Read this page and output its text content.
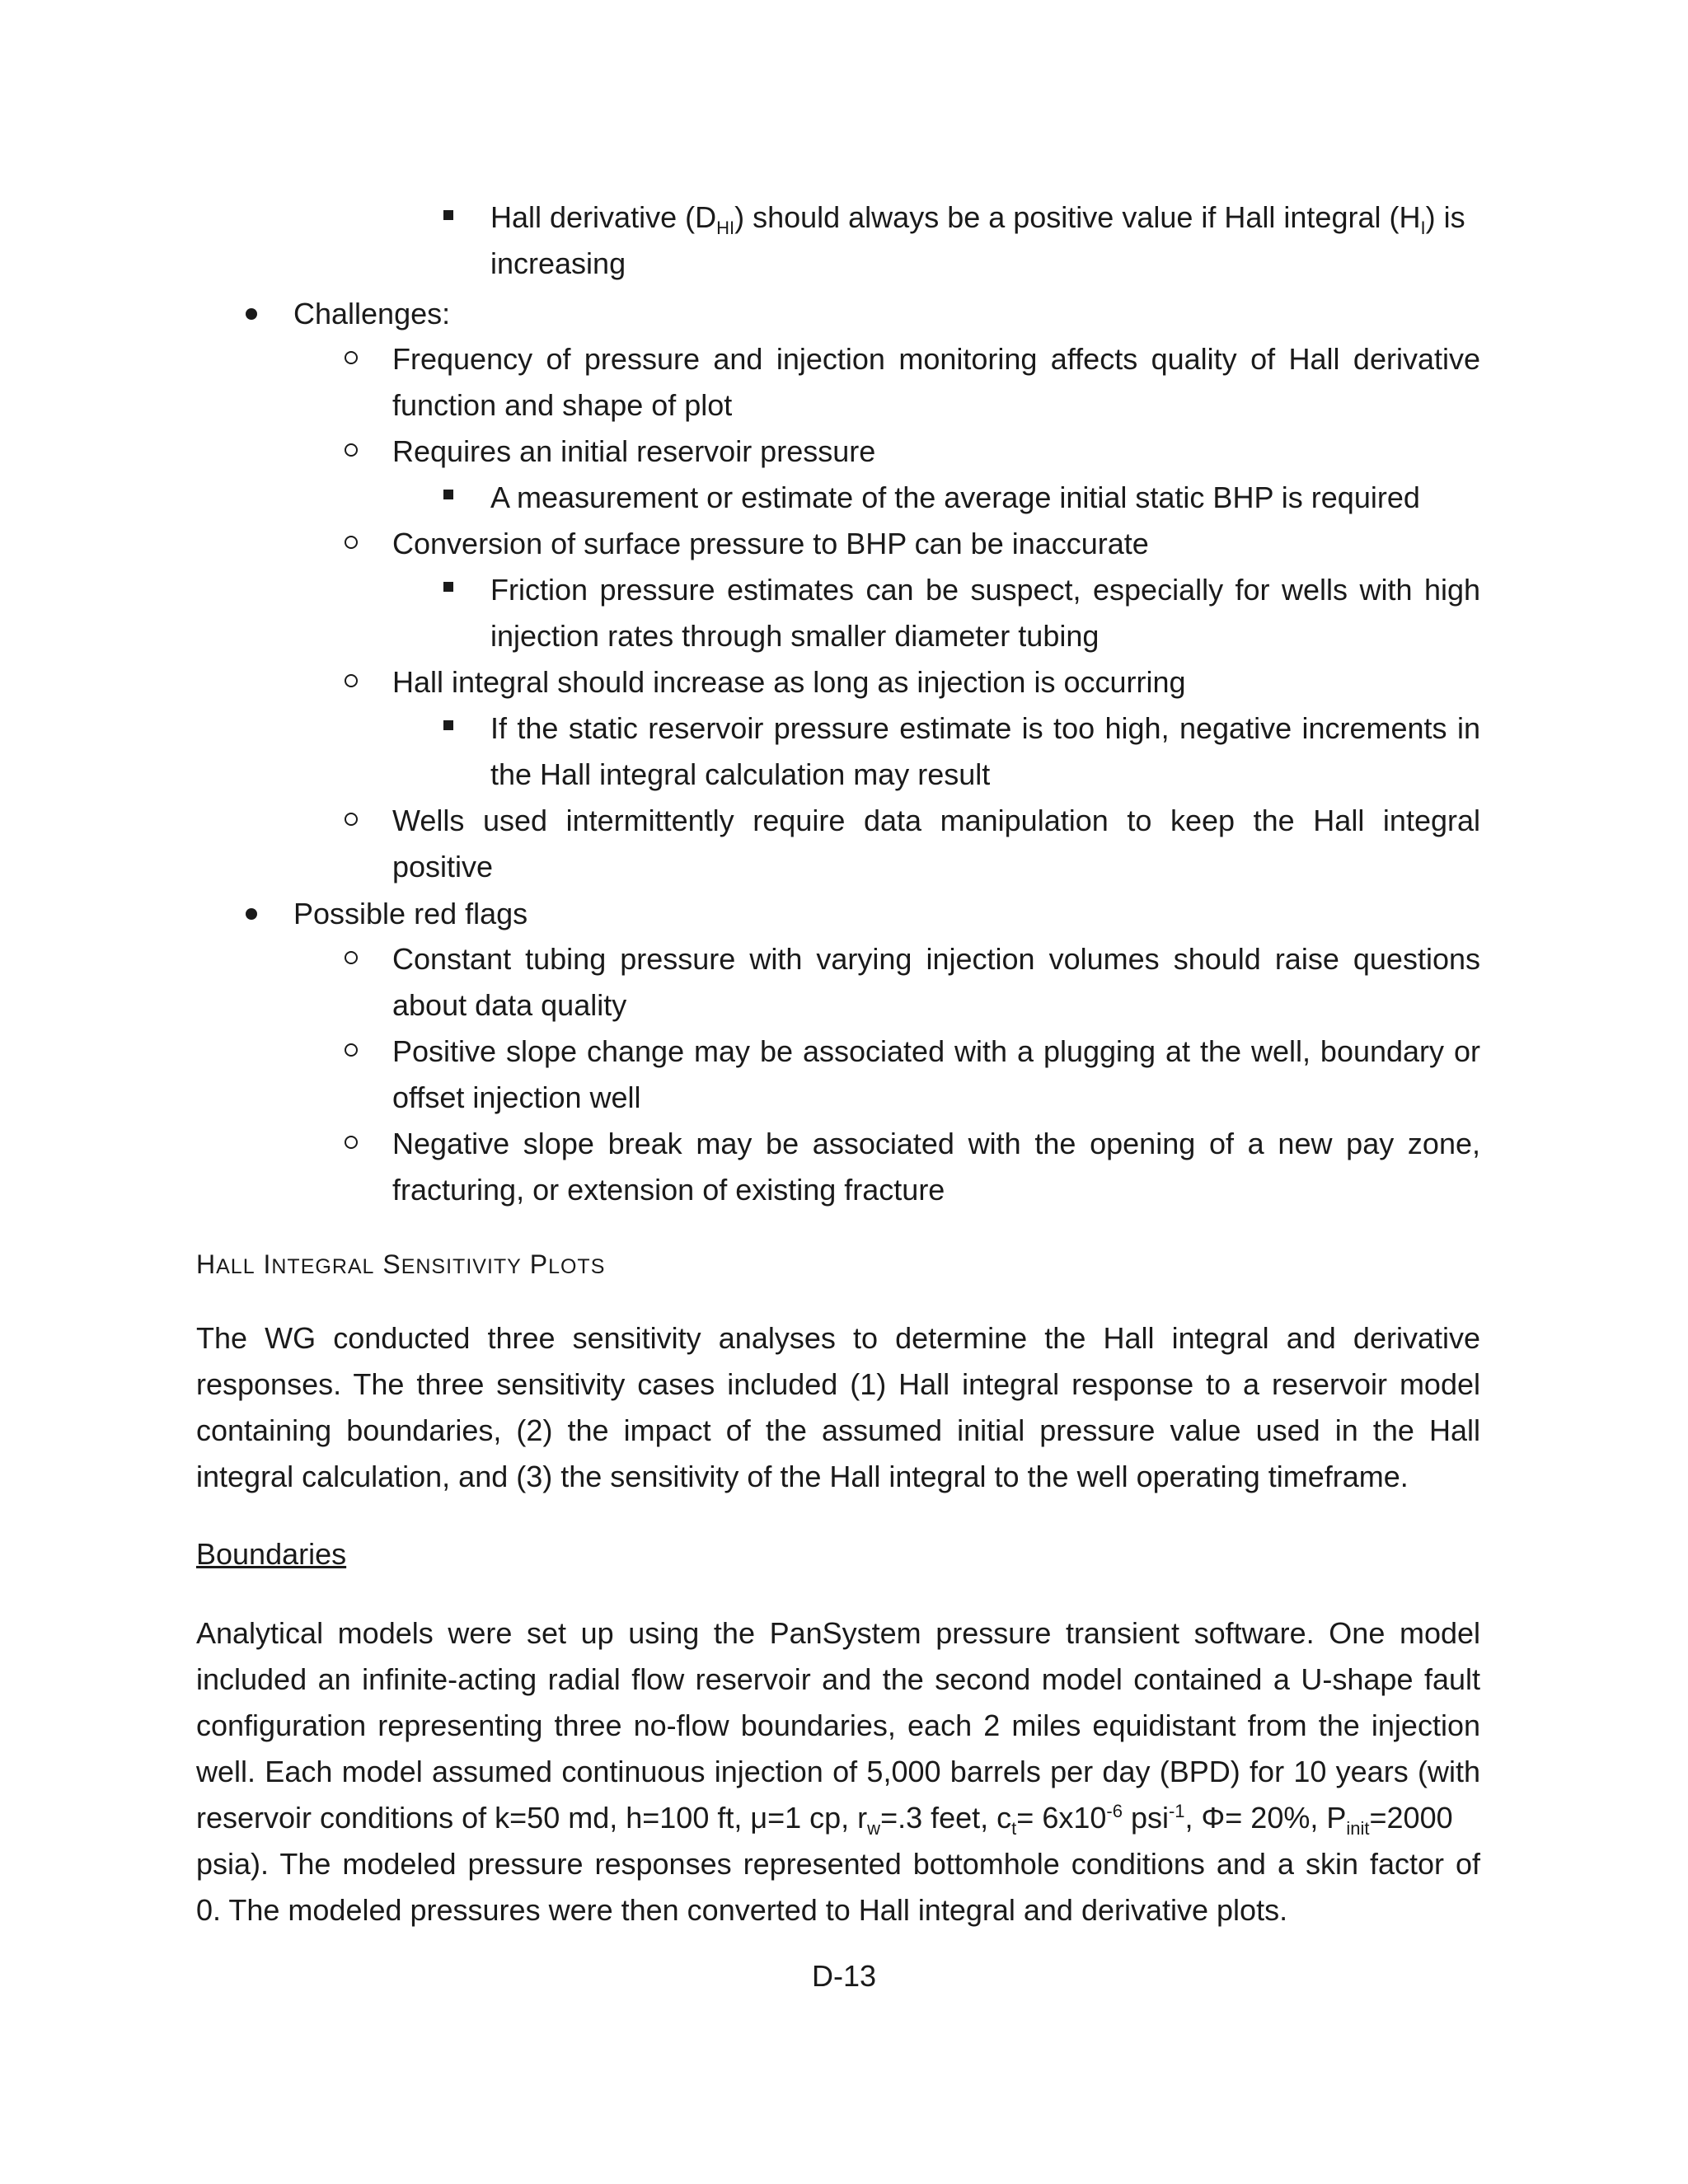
Hall derivative $(D_{HI})$ should always be a positive value if Hall integral $(H_I)$ is
increasing
Challenges:
Frequency of pressure and injection monitoring affects quality of Hall derivative
function and shape of plot
Requires an initial reservoir pressure
A measurement or estimate of the average initial static BHP is required
Conversion of surface pressure to BHP can be inaccurate
Friction pressure estimates can be suspect, especially for wells with high
injection rates through smaller diameter tubing
Hall integral should increase as long as injection is occurring
If the static reservoir pressure estimate is too high, negative increments in
the Hall integral calculation may result
Wells used intermittently require data manipulation to keep the Hall integral
positive
Possible red flags
Constant tubing pressure with varying injection volumes should raise questions
about data quality
Positive slope change may be associated with a plugging at the well, boundary or
offset injection well
Negative slope break may be associated with the opening of a new pay zone,
fracturing, or extension of existing fracture
HALL INTEGRAL SENSITIVITY PLOTS
The WG conducted three sensitivity analyses to determine the Hall integral and derivative
responses. The three sensitivity cases included (1) Hall integral response to a reservoir model
containing boundaries, (2) the impact of the assumed initial pressure value used in the Hall
integral calculation, and (3) the sensitivity of the Hall integral to the well operating timeframe.
Boundaries
Analytical models were set up using the PanSystem pressure transient software. One model
included an infinite-acting radial flow reservoir and the second model contained a U-shape fault
configuration representing three no-flow boundaries, each 2 miles equidistant from the injection
well. Each model assumed continuous injection of 5,000 barrels per day (BPD) for 10 years (with
reservoir conditions of k=50 md, h=100 ft, μ=1 cp, $r_w=.3$ feet, $c_t= 6x10^{-6}$ psi$^{-1}$, Φ= 20%, $P_{init}=2000$
psia). The modeled pressure responses represented bottomhole conditions and a skin factor of
0. The modeled pressures were then converted to Hall integral and derivative plots.
D-13
